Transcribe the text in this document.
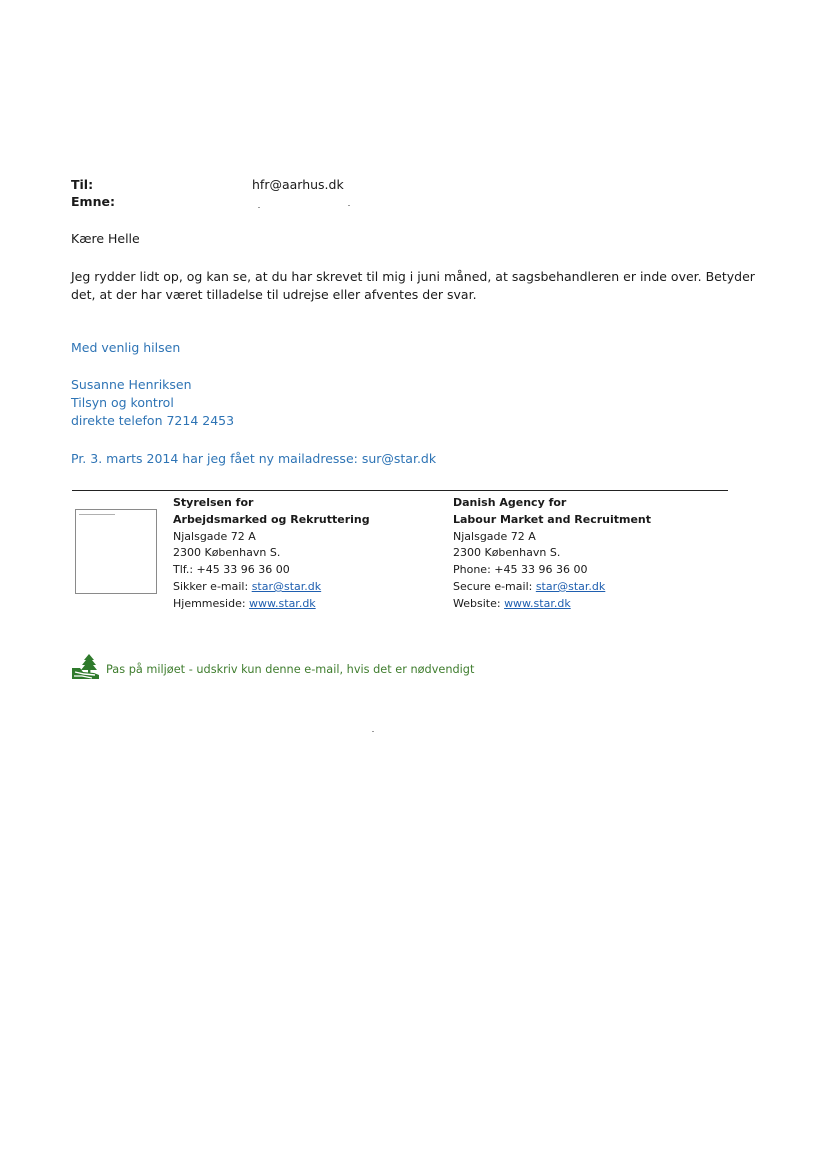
Til:	hfr@aarhus.dk
Emne:
Kære Helle
Jeg rydder lidt op, og kan se, at du har skrevet til mig i juni måned, at sagsbehandleren er inde over. Betyder
det, at der har været tilladelse til udrejse eller afventes der svar.
Med venlig hilsen
Susanne Henriksen
Tilsyn og kontrol
direkte telefon 7214 2453
Pr. 3. marts 2014 har jeg fået ny mailadresse: sur@star.dk
Styrelsen for
Arbejdsmarked og Rekruttering
Njalsgade 72 A
2300 København S.
Tlf.: +45 33 96 36 00
Sikker e-mail: star@star.dk
Hjemmeside: www.star.dk
Danish Agency for
Labour Market and Recruitment
Njalsgade 72 A
2300 København S.
Phone: +45 33 96 36 00
Secure e-mail: star@star.dk
Website: www.star.dk
Pas på miljøet - udskriv kun denne e-mail, hvis det er nødvendigt
